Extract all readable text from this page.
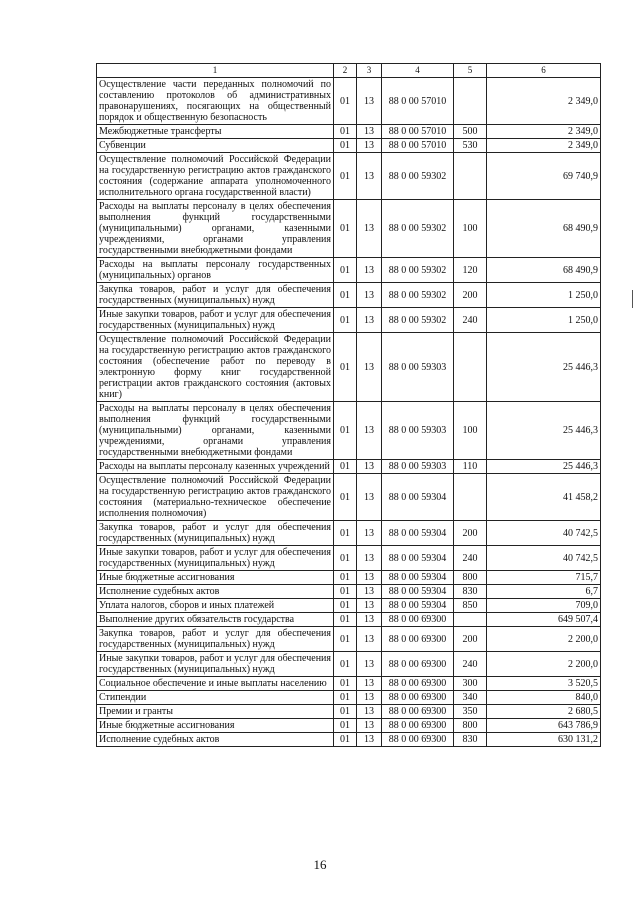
1	2	3	4	5	6
Осуществление части переданных полномочий по составлению протоколов об административных правонарушениях, посягающих на общественный порядок и общественную безопасность	01	13	88 0 00 57010		2 349,0
Межбюджетные трансферты	01	13	88 0 00 57010	500	2 349,0
Субвенции	01	13	88 0 00 57010	530	2 349,0
Осуществление полномочий Российской Федерации на государственную регистрацию актов гражданского состояния (содержание аппарата уполномоченного исполнительного органа государственной власти)	01	13	88 0 00 59302		69 740,9
Расходы на выплаты персоналу в целях обеспечения выполнения функций государственными (муниципальными) органами, казенными учреждениями, органами управления государственными внебюджетными фондами	01	13	88 0 00 59302	100	68 490,9
Расходы на выплаты персоналу государственных (муниципальных) органов	01	13	88 0 00 59302	120	68 490,9
Закупка товаров, работ и услуг для обеспечения государственных (муниципальных) нужд	01	13	88 0 00 59302	200	1 250,0
Иные закупки товаров, работ и услуг для обеспечения государственных (муниципальных) нужд	01	13	88 0 00 59302	240	1 250,0
Осуществление полномочий Российской Федерации на государственную регистрацию актов гражданского состояния (обеспечение работ по переводу в электронную форму книг государственной регистрации актов гражданского состояния (актовых книг)	01	13	88 0 00 59303		25 446,3
Расходы на выплаты персоналу в целях обеспечения выполнения функций государственными (муниципальными) органами, казенными учреждениями, органами управления государственными внебюджетными фондами	01	13	88 0 00 59303	100	25 446,3
Расходы на выплаты персоналу казенных учреждений	01	13	88 0 00 59303	110	25 446,3
Осуществление полномочий Российской Федерации на государственную регистрацию актов гражданского состояния (материально-техническое обеспечение исполнения полномочия)	01	13	88 0 00 59304		41 458,2
Закупка товаров, работ и услуг для обеспечения государственных (муниципальных) нужд	01	13	88 0 00 59304	200	40 742,5
Иные закупки товаров, работ и услуг для обеспечения государственных (муниципальных) нужд	01	13	88 0 00 59304	240	40 742,5
Иные бюджетные ассигнования	01	13	88 0 00 59304	800	715,7
Исполнение судебных актов	01	13	88 0 00 59304	830	6,7
Уплата налогов, сборов и иных платежей	01	13	88 0 00 59304	850	709,0
Выполнение других обязательств государства	01	13	88 0 00 69300		649 507,4
Закупка товаров, работ и услуг для обеспечения государственных (муниципальных) нужд	01	13	88 0 00 69300	200	2 200,0
Иные закупки товаров, работ и услуг для обеспечения государственных (муниципальных) нужд	01	13	88 0 00 69300	240	2 200,0
Социальное обеспечение и иные выплаты населению	01	13	88 0 00 69300	300	3 520,5
Стипендии	01	13	88 0 00 69300	340	840,0
Премии и гранты	01	13	88 0 00 69300	350	2 680,5
Иные бюджетные ассигнования	01	13	88 0 00 69300	800	643 786,9
Исполнение судебных актов	01	13	88 0 00 69300	830	630 131,2
16
